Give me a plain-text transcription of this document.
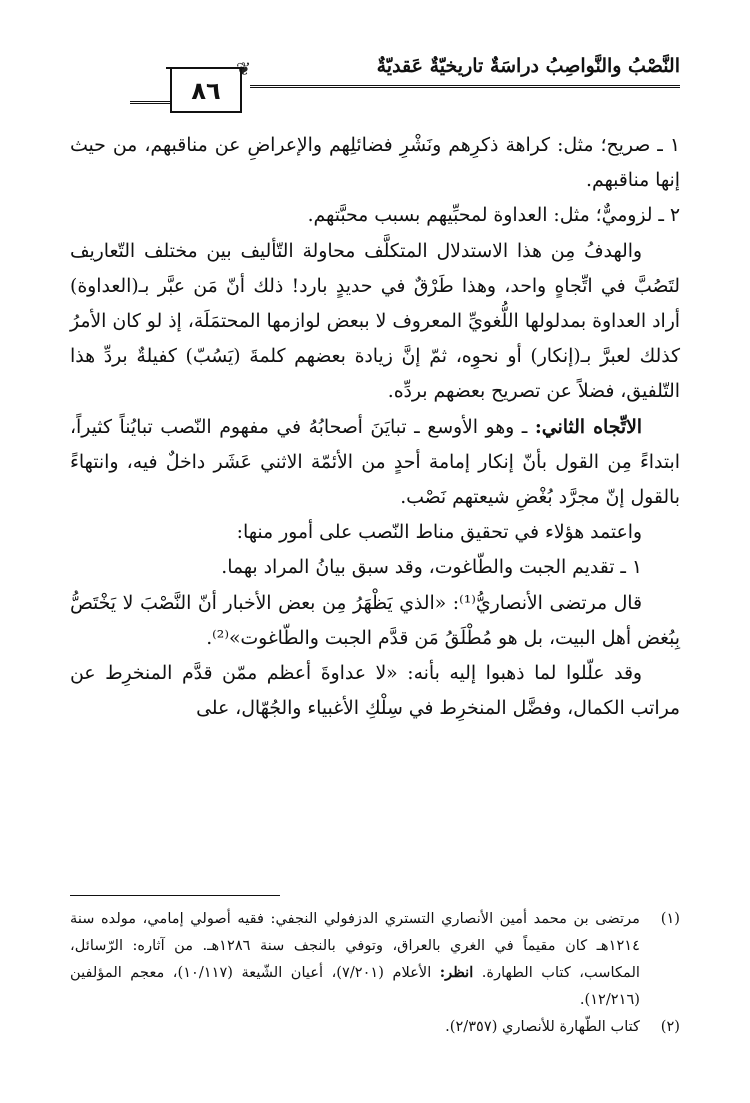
النَّصْبُ والنَّواصِبُ دراسَةٌ تاريخيّةٌ عَقديّةٌ
❦
٨٦

١ ـ صريح؛ مثل: كراهة ذكرِهم ونَشْرِ فضائلِهم والإعراضِ عن مناقبهم، من حيث إنها مناقبهم.

٢ ـ لزوميٌّ؛ مثل: العداوة لمحبِّيهم بسبب محبَّتهم.

والهدفُ مِن هذا الاستدلال المتكلَّف محاولة التّأليف بين مختلف التّعاريف لتَصُبَّ في اتِّجاهٍ واحد، وهذا طَرْقٌ في حديدٍ بارد! ذلك أنّ مَن عبَّر بـ(العداوة) أراد العداوة بمدلولها اللُّغويِّ المعروف لا ببعض لوازمها المحتمَلَة، إذ لو كان الأمرُ كذلك لعبرَّ بـ(إنكار) أو نحوِه، ثمّ إنَّ زيادة بعضهم كلمةَ (يَسُبّ) كفيلةٌ بردِّ هذا التّلفيق، فضلاً عن تصريح بعضهم بردِّه.

الاتِّجاه الثاني: ـ وهو الأوسع ـ تبايَنَ أصحابُهُ في مفهوم النّصب تبايُناً كثيراً، ابتداءً مِن القول بأنّ إنكار إمامة أحدٍ من الأئمّة الاثني عَشَر داخلٌ فيه، وانتهاءً بالقول إنّ مجرَّد بُغْضِ شيعتهم نَصْب.

واعتمد هؤلاء في تحقيق مناط النّصب على أمور منها:

١ ـ تقديم الجبت والطّاغوت، وقد سبق بيانُ المراد بهما.

قال مرتضى الأنصاريُّ⁽¹⁾: «الذي يَظْهَرُ مِن بعض الأخبار أنّ النَّصْبَ لا يَخْتَصُّ بِبُغض أهل البيت، بل هو مُطْلَقُ مَن قدَّم الجبت والطّاغوت»⁽²⁾.

وقد علّلوا لما ذهبوا إليه بأنه: «لا عداوةَ أعظم ممّن قدَّم المنخرِط عن مراتب الكمال، وفضَّل المنخرِط في سِلْكِ الأغبياء والجُهّال، على

(١)
مرتضى بن محمد أمين الأنصاري التستري الدزفولي النجفي: فقيه أصولي إمامي، مولده سنة ١٢١٤هـ كان مقيماً في الغري بالعراق، وتوفي بالنجف سنة ١٢٨٦هـ. من آثاره: الرّسائل، المكاسب، كتاب الطهارة. انظر: الأعلام (٧/٢٠١)، أعيان الشّيعة (١٠/١١٧)، معجم المؤلفين (١٢/٢١٦).
(٢)
كتاب الطّهارة للأنصاري (٢/٣٥٧).
